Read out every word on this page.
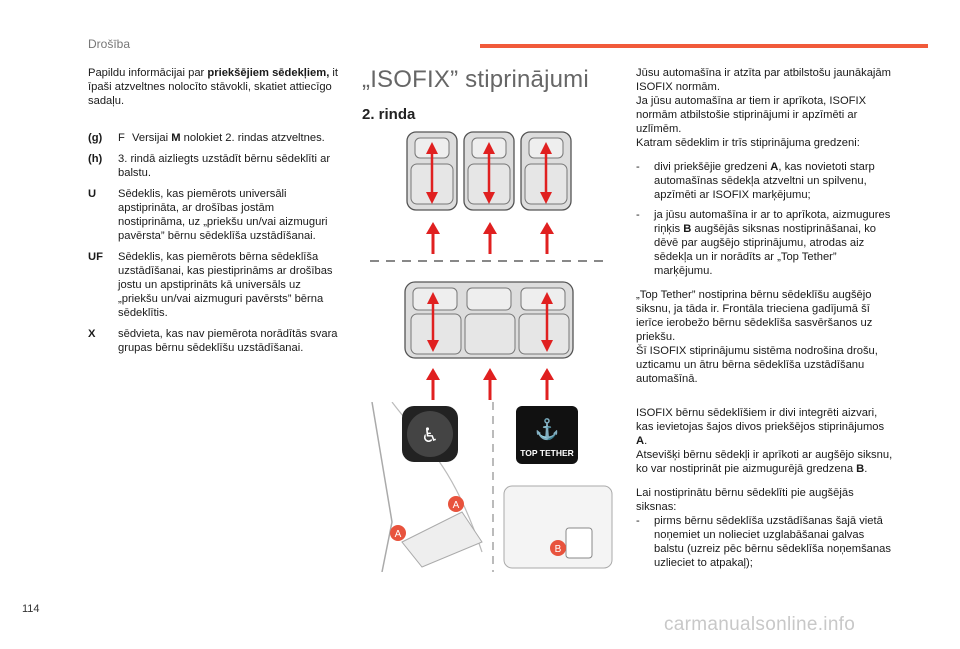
Drošība

Papildu informācijai par priekšējiem sēdekļiem, it īpaši atzveltnes nolocīto stāvokli, skatiet attiecīgo sadaļu.

(g)	F Versijai M nolokiet 2. rindas atzveltnes.
(h)	3. rindā aizliegts uzstādīt bērnu sēdeklīti ar balstu.
U	Sēdeklis, kas piemērots universāli apstiprināta, ar drošības jostām nostiprināma, uz „priekšu un/vai aizmuguri pavērsta” bērnu sēdeklīša uzstādīšanai.
UF	Sēdeklis, kas piemērots bērna sēdeklīša uzstādīšanai, kas piestiprināms ar drošības jostu un apstiprināts kā universāls uz „priekšu un/vai aizmuguri pavērsts” bērna sēdeklītis.
X	sēdvieta, kas nav piemērota norādītās svara grupas bērnu sēdeklīšu uzstādīšanai.
„ISOFIX” stiprinājumi
2. rinda
♿
A
A
⚓
TOP TETHER
B

Jūsu automašīna ir atzīta par atbilstošu jaunākajām ISOFIX normām.
Ja jūsu automašīna ar tiem ir aprīkota, ISOFIX normām atbilstošie stiprinājumi ir apzīmēti ar uzlīmēm.
Katram sēdeklim ir trīs stiprinājuma gredzeni:

-	divi priekšējie gredzeni A, kas novietoti starp automašīnas sēdekļa atzveltni un spilvenu, apzīmēti ar ISOFIX marķējumu;
-	ja jūsu automašīna ir ar to aprīkota, aizmugures riņķis B augšējās siksnas nostiprināšanai, ko dēvē par augšējo stiprinājumu, atrodas aiz sēdekļa un ir norādīts ar „Top Tether” marķējumu.

„Top Tether” nostiprina bērnu sēdeklīšu augšējo siksnu, ja tāda ir. Frontāla trieciena gadījumā šī ierīce ierobežo bērnu sēdeklīša sasvēršanos uz priekšu.
Šī ISOFIX stiprinājumu sistēma nodrošina drošu, uzticamu un ātru bērna sēdeklīša uzstādīšanu automašīnā.

ISOFIX bērnu sēdeklīšiem ir divi integrēti aizvari, kas ievietojas šajos divos priekšējos stiprinājumos A.
Atsevišķi bērnu sēdekļi ir aprīkoti ar augšējo siksnu, ko var nostiprināt pie aizmugurējā gredzena B.

Lai nostiprinātu bērnu sēdeklīti pie augšējās siksnas:

-	pirms bērnu sēdeklīša uzstādīšanas šajā vietā noņemiet un nolieciet uzglabāšanai galvas balstu (uzreiz pēc bērnu sēdeklīša noņemšanas uzlieciet to atpakaļ);
114
carmanualsonline.info
